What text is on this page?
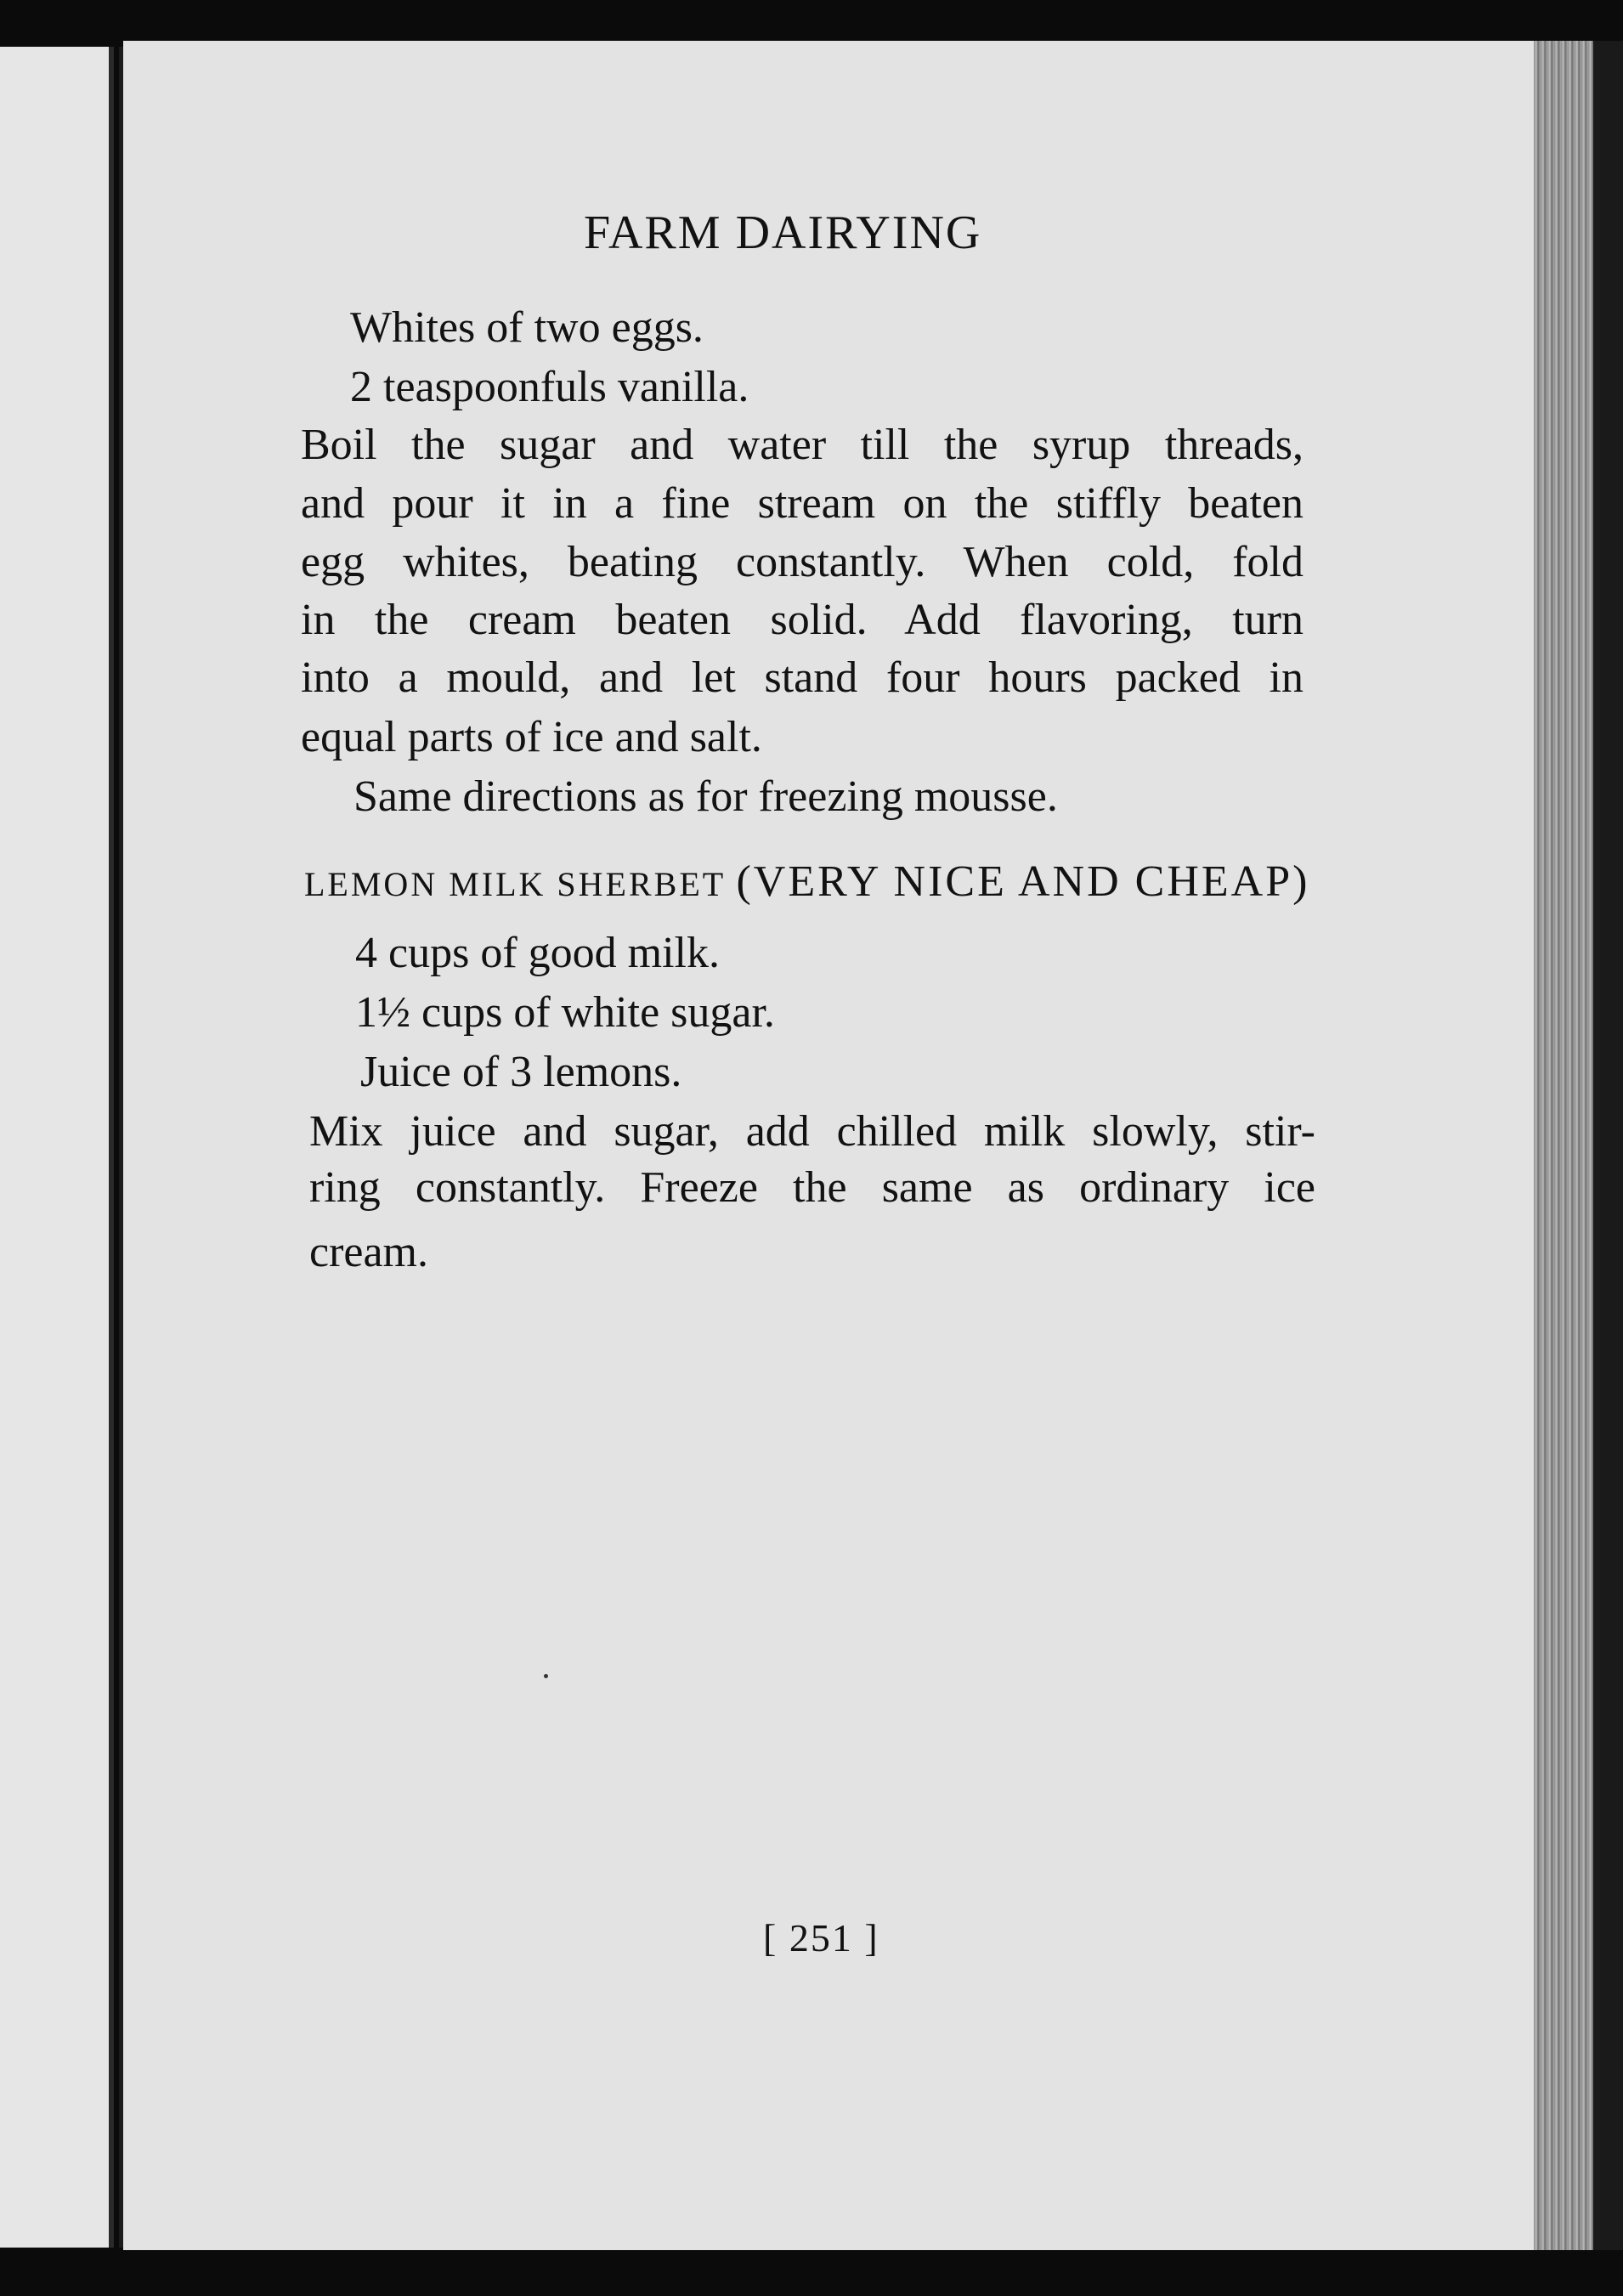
FARM DAIRYING
Whites of two eggs.
2 teaspoonfuls vanilla.
Boil the sugar and water till the syrup threads,
and pour it in a fine stream on the stiffly beaten
egg whites, beating constantly. When cold, fold
in the cream beaten solid. Add flavoring, turn
into a mould, and let stand four hours packed in
equal parts of ice and salt.
Same directions as for freezing mousse.
LEMON MILK SHERBET (VERY NICE AND CHEAP)
4 cups of good milk.
1½ cups of white sugar.
Juice of 3 lemons.
Mix juice and sugar, add chilled milk slowly, stir-
ring constantly. Freeze the same as ordinary ice
cream.
[ 251 ]
